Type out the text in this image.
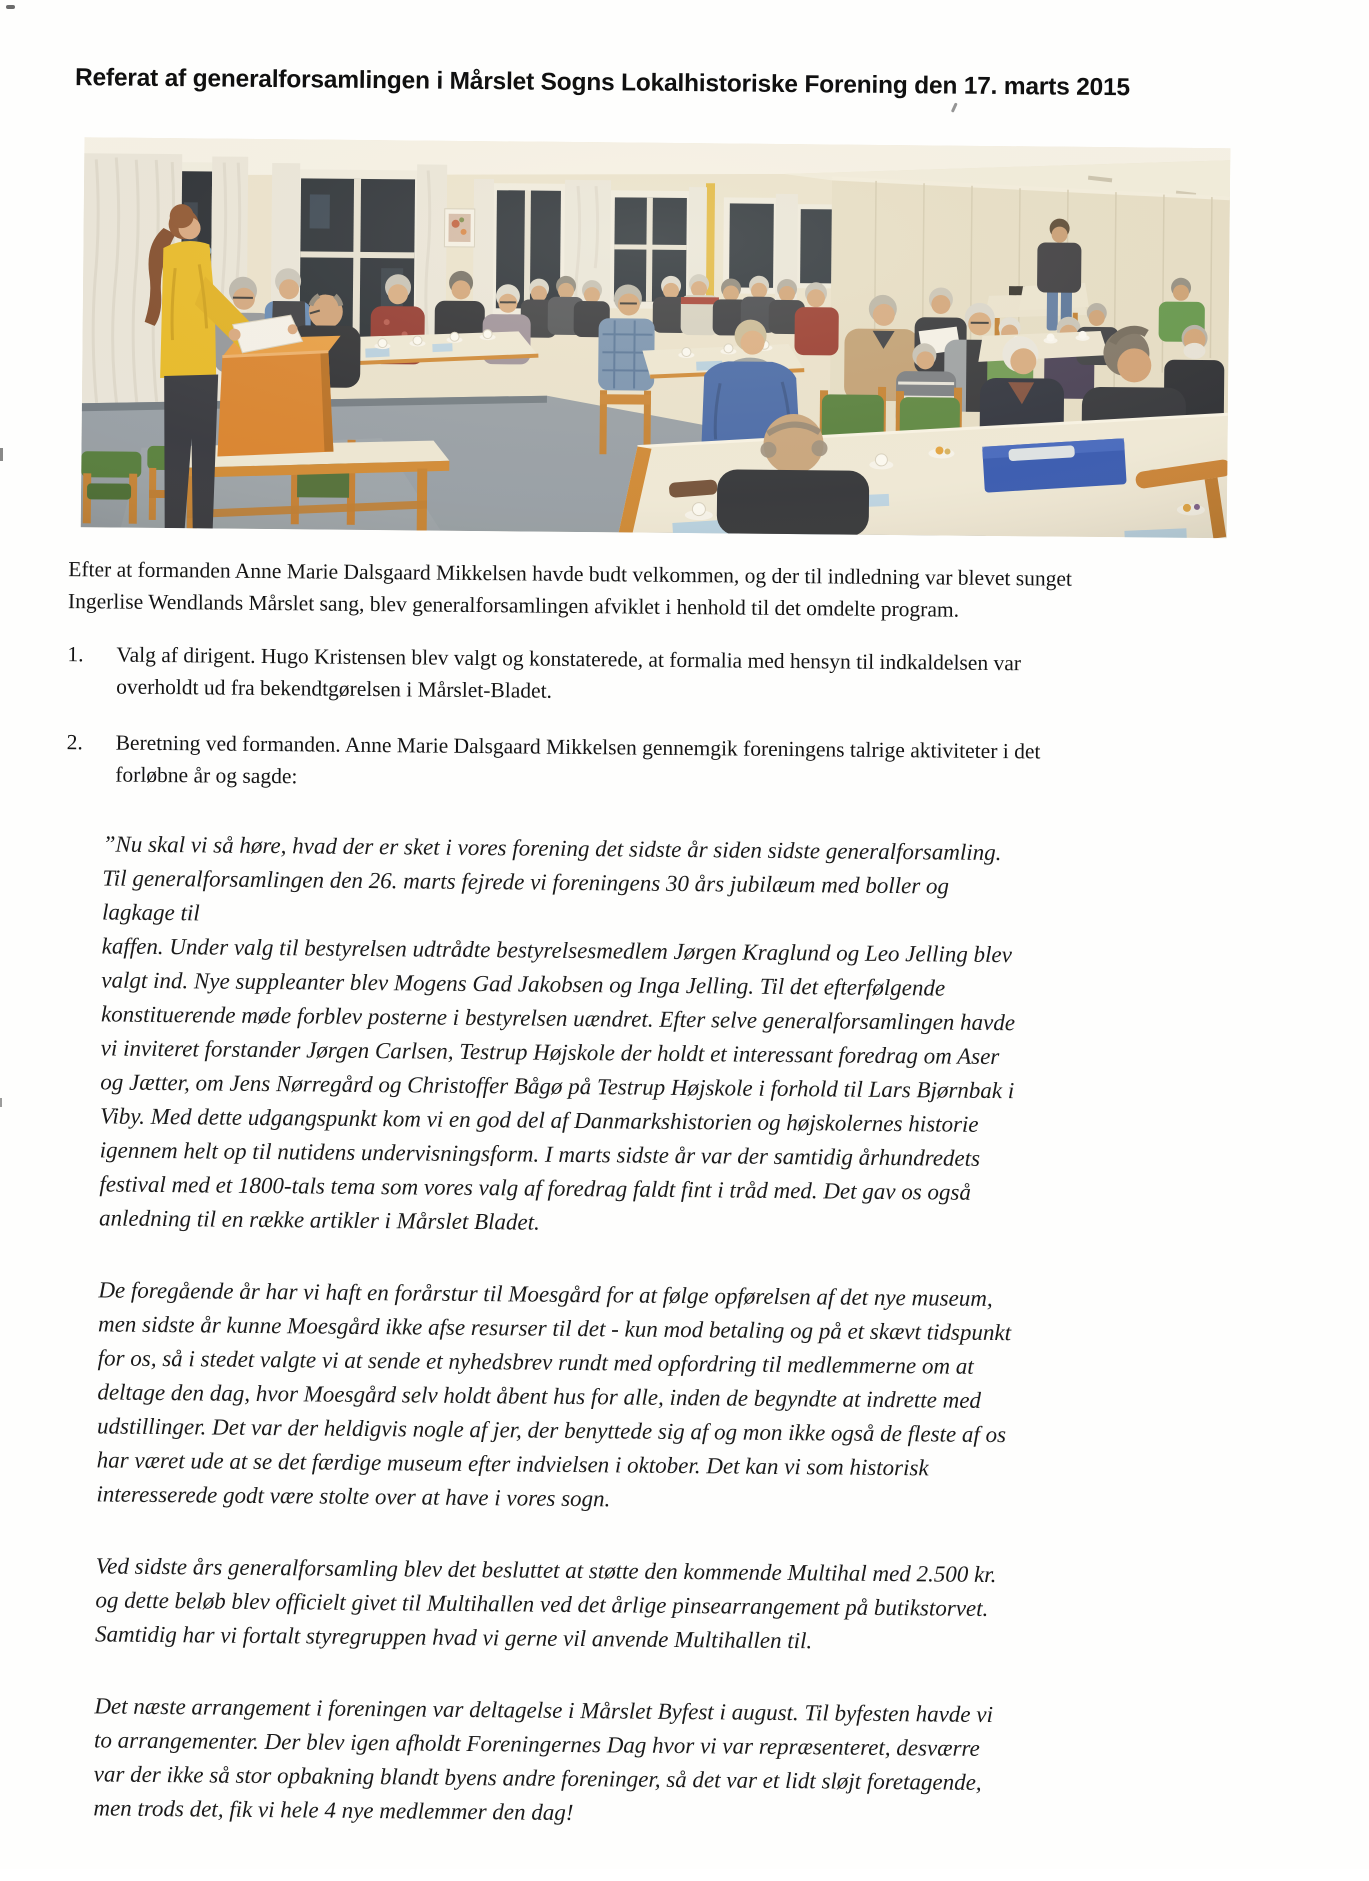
Referat af generalforsamlingen i Mårslet Sogns Lokalhistoriske Forening den 17. marts 2015

Efter at formanden Anne Marie Dalsgaard Mikkelsen havde budt velkommen, og der til indledning var blevet sunget Ingerlise Wendlands Mårslet sang, blev generalforsamlingen afviklet i henhold til det omdelte program.

1.	Valg af dirigent. Hugo Kristensen blev valgt og konstaterede, at formalia med hensyn til indkaldelsen var overholdt ud fra bekendtgørelsen i Mårslet-Bladet.
2.	Beretning ved formanden. Anne Marie Dalsgaard Mikkelsen gennemgik foreningens talrige aktiviteter i det forløbne år og sagde:

”Nu skal vi så høre, hvad der er sket i vores forening det sidste år siden sidste generalforsamling. Til generalforsamlingen den 26. marts fejrede vi foreningens 30 års jubilæum med boller og lagkage til
kaffen. Under valg til bestyrelsen udtrådte bestyrelsesmedlem Jørgen Kraglund og Leo Jelling blev valgt ind. Nye suppleanter blev Mogens Gad Jakobsen og Inga Jelling. Til det efterfølgende konstituerende møde forblev posterne i bestyrelsen uændret. Efter selve generalforsamlingen havde vi inviteret forstander Jørgen Carlsen, Testrup Højskole der holdt et interessant foredrag om Aser og Jætter, om Jens Nørregård og Christoffer Bågø på Testrup Højskole i forhold til Lars Bjørnbak i Viby. Med dette udgangspunkt kom vi en god del af Danmarkshistorien og højskolernes historie igennem helt op til nutidens undervisningsform. I marts sidste år var der samtidig århundredets festival med et 1800-tals tema som vores valg af foredrag faldt fint i tråd med. Det gav os også anledning til en række artikler i Mårslet Bladet.

De foregående år har vi haft en forårstur til Moesgård for at følge opførelsen af det nye museum, men sidste år kunne Moesgård ikke afse resurser til det - kun mod betaling og på et skævt tidspunkt for os, så i stedet valgte vi at sende et nyhedsbrev rundt med opfordring til medlemmerne om at deltage den dag, hvor Moesgård selv holdt åbent hus for alle, inden de begyndte at indrette med udstillinger. Det var der heldigvis nogle af jer, der benyttede sig af og mon ikke også de fleste af os har været ude at se det færdige museum efter indvielsen i oktober. Det kan vi som historisk interesserede godt være stolte over at have i vores sogn.

Ved sidste års generalforsamling blev det besluttet at støtte den kommende Multihal med 2.500 kr. og dette beløb blev officielt givet til Multihallen ved det årlige pinsearrangement på butikstorvet. Samtidig har vi fortalt styregruppen hvad vi gerne vil anvende Multihallen til.

Det næste arrangement i foreningen var deltagelse i Mårslet Byfest i august. Til byfesten havde vi to arrangementer. Der blev igen afholdt Foreningernes Dag hvor vi var repræsenteret, desværre var der ikke så stor opbakning blandt byens andre foreninger, så det var et lidt sløjt foretagende, men trods det, fik vi hele 4 nye medlemmer den dag!
